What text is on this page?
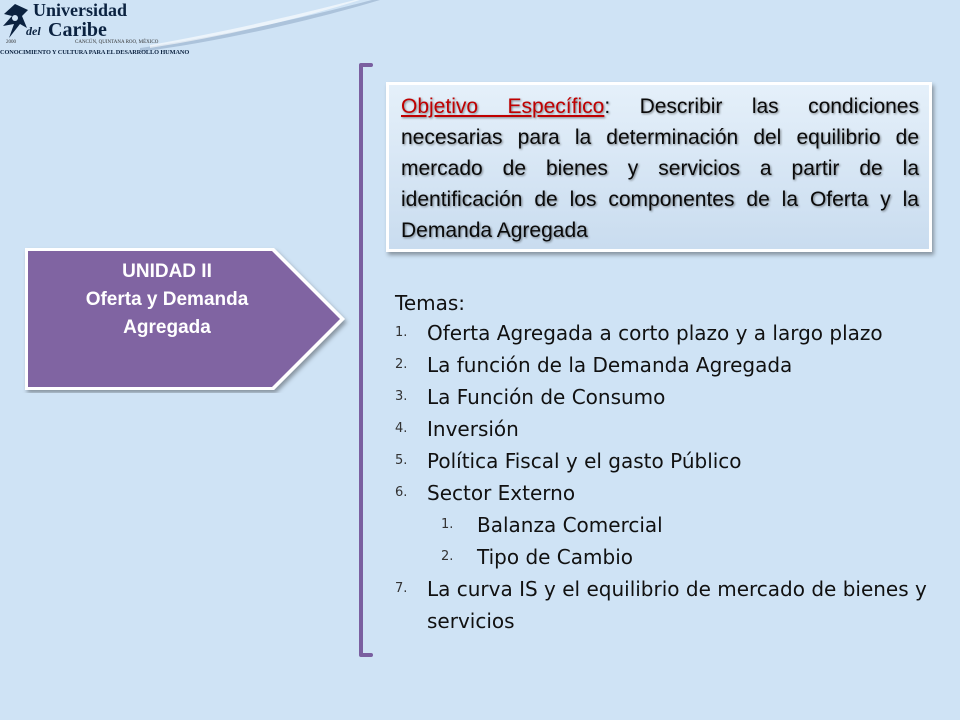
Universidad
del Caribe
2000	CANCÚN, QUINTANA ROO, MÉXICO
CONOCIMIENTO Y CULTURA PARA EL DESARROLLO HUMANO
Objetivo Específico: Describir las condiciones necesarias para la determinación del equilibrio de mercado de bienes y servicios a partir de la identificación de los componentes de la Oferta y la Demanda Agregada
UNIDAD II
Oferta y Demanda
Agregada
Temas:
1. Oferta Agregada a corto plazo y a largo plazo
2. La función de la Demanda Agregada
3. La Función de Consumo
4. Inversión
5. Política Fiscal y el gasto Público
6. Sector Externo
1. Balanza Comercial
2. Tipo de Cambio
7. La curva IS y el equilibrio de mercado de bienes y servicios
